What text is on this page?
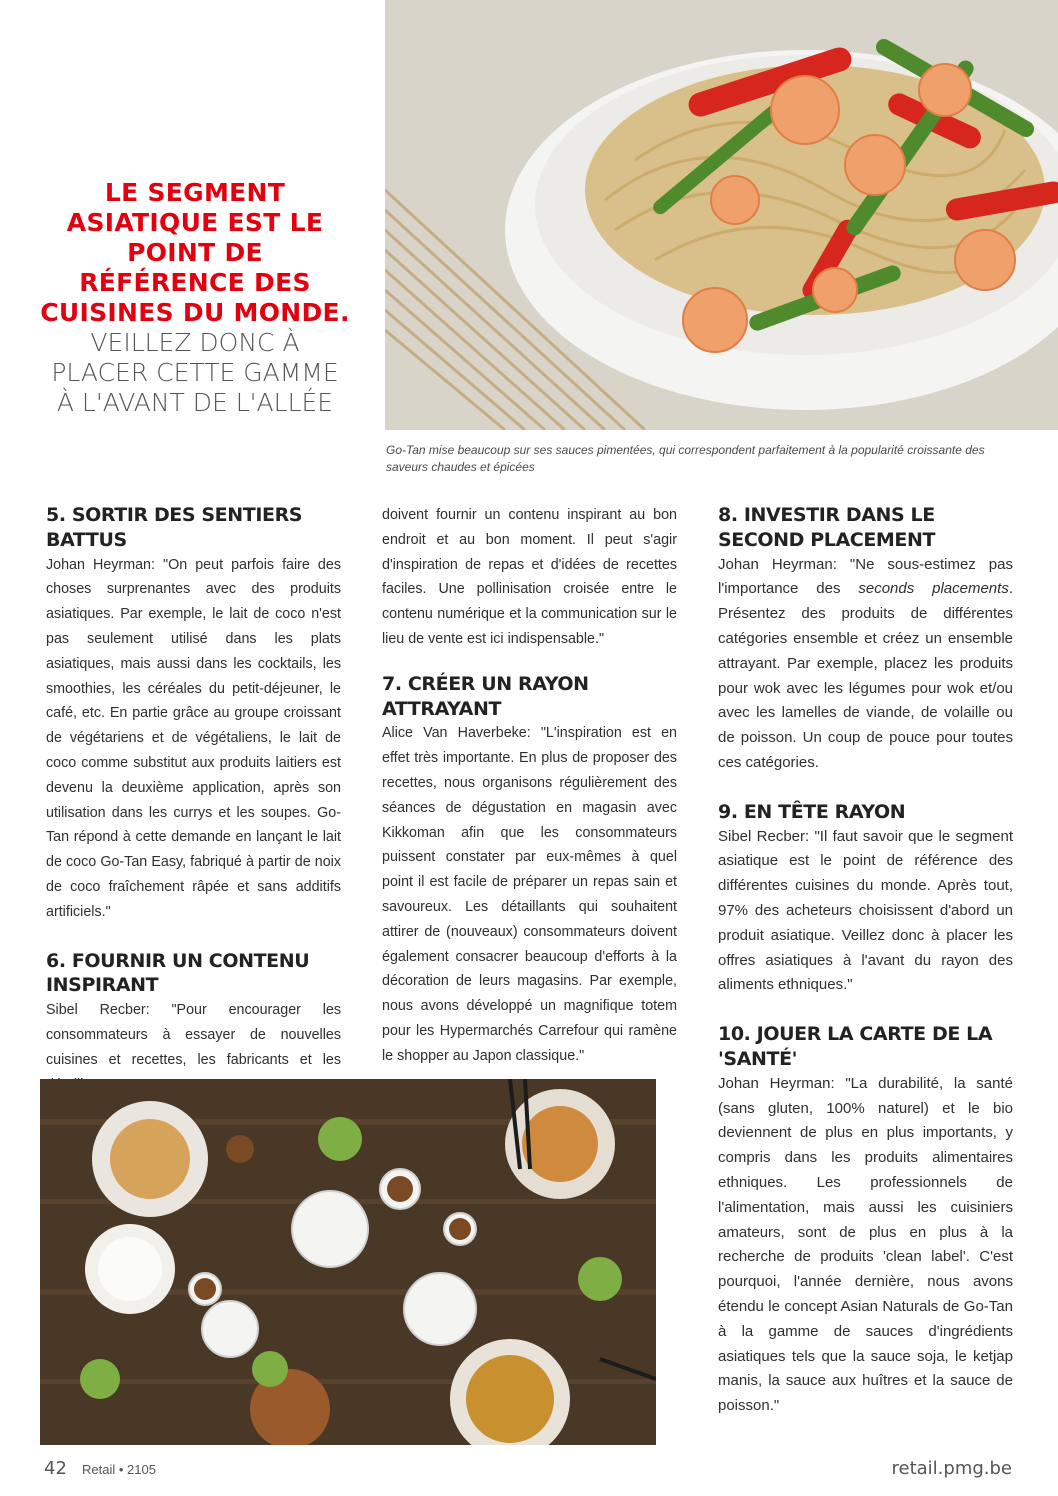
LE SEGMENT ASIATIQUE EST LE POINT DE RÉFÉRENCE DES CUISINES DU MONDE.

VEILLEZ DONC À PLACER CETTE GAMME À L'AVANT DE L'ALLÉE

Go-Tan mise beaucoup sur ses sauces pimentées, qui correspondent parfaitement à la popularité croissante des saveurs chaudes et épicées
5. SORTIR DES SENTIERS BATTUS

Johan Heyrman: "On peut parfois faire des choses surprenantes avec des produits asiatiques. Par exemple, le lait de coco n'est pas seulement utilisé dans les plats asiatiques, mais aussi dans les cocktails, les smoothies, les céréales du petit-déjeuner, le café, etc. En partie grâce au groupe croissant de végétariens et de végétaliens, le lait de coco comme substitut aux produits laitiers est devenu la deuxième application, après son utilisation dans les currys et les soupes. Go-Tan répond à cette demande en lançant le lait de coco Go-Tan Easy, fabriqué à partir de noix de coco fraîchement râpée et sans additifs artificiels."

6. FOURNIR UN CONTENU INSPIRANT

Sibel Recber: "Pour encourager les consommateurs à essayer de nouvelles cuisines et recettes, les fabricants et les

doivent fournir un contenu inspirant au bon endroit et au bon moment. Il peut s'agir d'inspiration de repas et d'idées de recettes faciles. Une pollinisation croisée entre le contenu numérique et la communication sur le lieu de vente est ici indispensable."

7. CRÉER UN RAYON ATTRAYANT

Alice Van Haverbeke: "L'inspiration est en effet très importante. En plus de proposer des recettes, nous organisons régulièrement des séances de dégustation en magasin avec Kikkoman afin que les consommateurs puissent constater par eux-mêmes à quel point il est facile de préparer un repas sain et savoureux. Les détaillants qui souhaitent attirer de (nouveaux) consommateurs doivent également consacrer beaucoup d'efforts à la décoration de leurs magasins. Par exemple, nous avons développé un magnifique totem pour les Hypermarchés Carrefour qui ramène le shopper au Japon classique."

8. INVESTIR DANS LE SECOND PLACEMENT

Johan Heyrman: "Ne sous-estimez pas l'importance des seconds placements. Présentez des produits de différentes catégories ensemble et créez un ensemble attrayant. Par exemple, placez les produits pour wok avec les légumes pour wok et/ou avec les lamelles de viande, de volaille ou de poisson. Un coup de pouce pour toutes ces catégories.

9. EN TÊTE RAYON

Sibel Recber: "Il faut savoir que le segment asiatique est le point de référence des différentes cuisines du monde. Après tout, 97% des acheteurs choisissent d'abord un produit asiatique. Veillez donc à placer les offres asiatiques à l'avant du rayon des aliments ethniques."

10. JOUER LA CARTE DE LA 'SANTÉ'

Johan Heyrman: "La durabilité, la santé (sans gluten, 100% naturel) et le bio deviennent de plus en plus importants, y compris dans les produits alimentaires ethniques. Les professionnels de l'alimentation, mais aussi les cuisiniers amateurs, sont de plus en plus à la recherche de produits 'clean label'. C'est pourquoi, l'année dernière, nous avons étendu le concept Asian Naturals de Go-Tan à la gamme de sauces d'ingrédients asiatiques tels que la sauce soja, le ketjap manis, la sauce aux huîtres et la sauce de poisson."

42 Retail • 2105	retail.pmg.be
